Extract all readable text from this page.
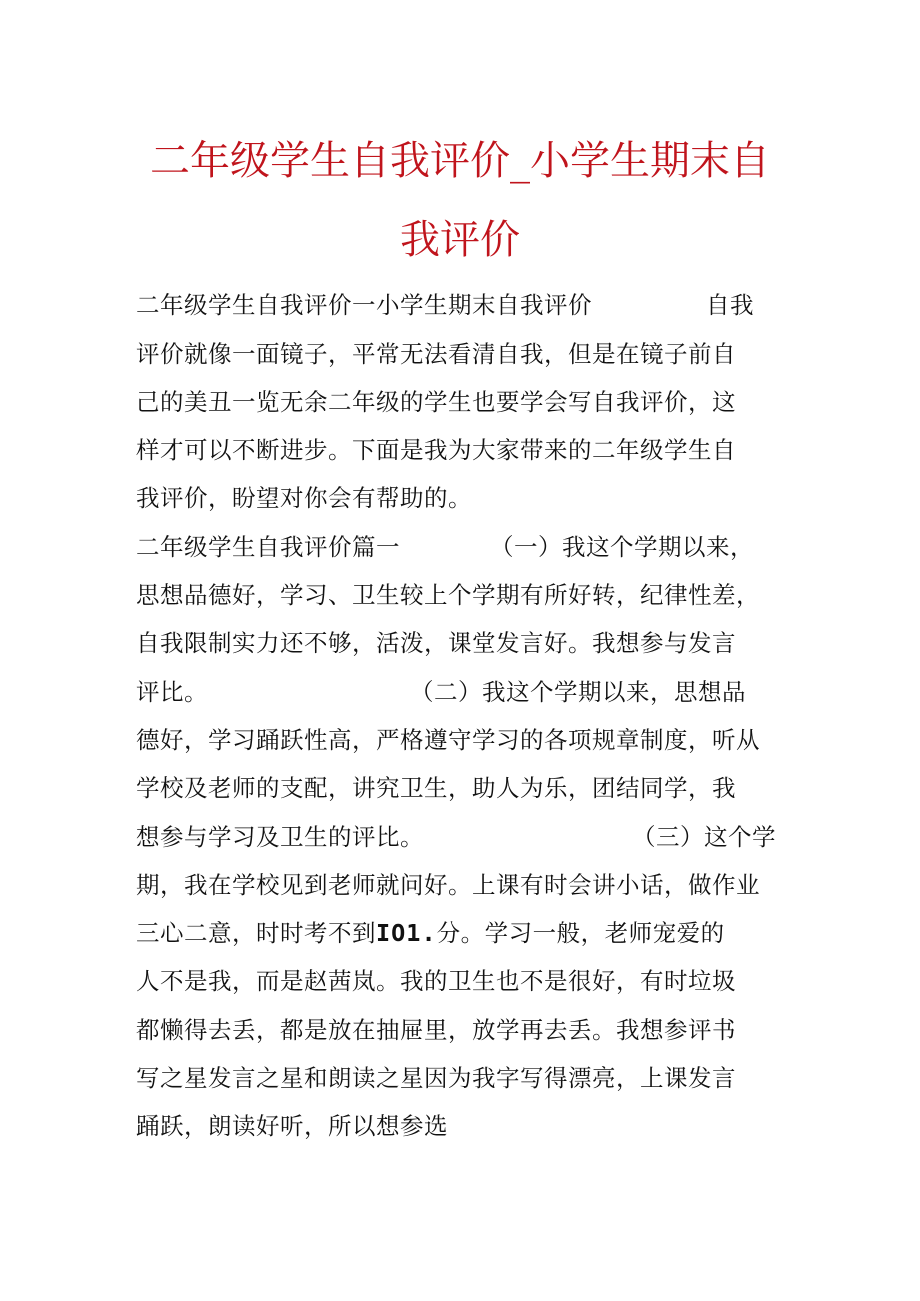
二年级学生自我评价_小学生期末自
我评价
二年级学生自我评价一小学生期末自我评价	自我
评价就像一面镜子，平常无法看清自我，但是在镜子前自
己的美丑一览无余二年级的学生也要学会写自我评价，这
样才可以不断进步。下面是我为大家带来的二年级学生自
我评价，盼望对你会有帮助的。
二年级学生自我评价篇一	（一）我这个学期以来，
思想品德好，学习、卫生较上个学期有所好转，纪律性差，
自我限制实力还不够，活泼，课堂发言好。我想参与发言
评比。	（二）我这个学期以来，思想品
德好，学习踊跃性高，严格遵守学习的各项规章制度，听从
学校及老师的支配，讲究卫生，助人为乐，团结同学，我
想参与学习及卫生的评比。	（三）这个学
期，我在学校见到老师就问好。上课有时会讲小话，做作业
三心二意，时时考不到IO1.分。学习一般，老师宠爱的
人不是我，而是赵茜岚。我的卫生也不是很好，有时垃圾
都懒得去丢，都是放在抽屉里，放学再去丢。我想参评书
写之星发言之星和朗读之星因为我字写得漂亮，上课发言
踊跃，朗读好听，所以想参选
